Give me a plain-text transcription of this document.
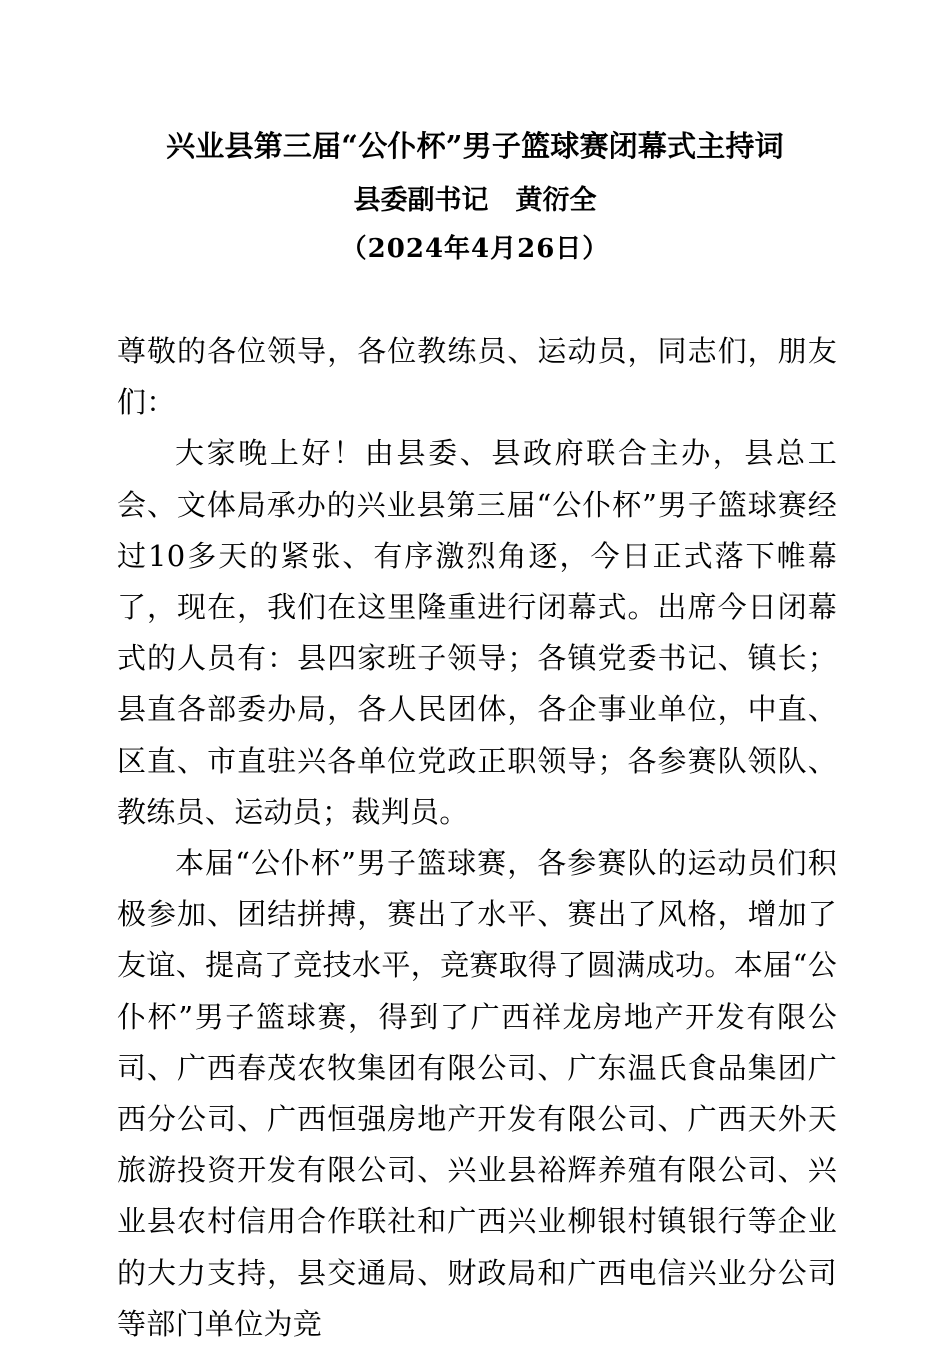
兴业县第三届“公仆杯”男子篮球赛闭幕式主持词
县委副书记　黄衍全
（2024年4月26日）

尊敬的各位领导，各位教练员、运动员，同志们，朋友们：

大家晚上好！由县委、县政府联合主办，县总工会、文体局承办的兴业县第三届“公仆杯”男子篮球赛经过10多天的紧张、有序激烈角逐，今日正式落下帷幕了，现在，我们在这里隆重进行闭幕式。出席今日闭幕式的人员有：县四家班子领导；各镇党委书记、镇长；县直各部委办局，各人民团体，各企事业单位，中直、区直、市直驻兴各单位党政正职领导；各参赛队领队、教练员、运动员；裁判员。

本届“公仆杯”男子篮球赛，各参赛队的运动员们积极参加、团结拼搏，赛出了水平、赛出了风格，增加了友谊、提高了竞技水平，竞赛取得了圆满成功。本届“公仆杯”男子篮球赛，得到了广西祥龙房地产开发有限公司、广西春茂农牧集团有限公司、广东温氏食品集团广西分公司、广西恒强房地产开发有限公司、广西天外天旅游投资开发有限公司、兴业县裕辉养殖有限公司、兴业县农村信用合作联社和广西兴业柳银村镇银行等企业的大力支持，县交通局、财政局和广西电信兴业分公司等部门单位为竞
